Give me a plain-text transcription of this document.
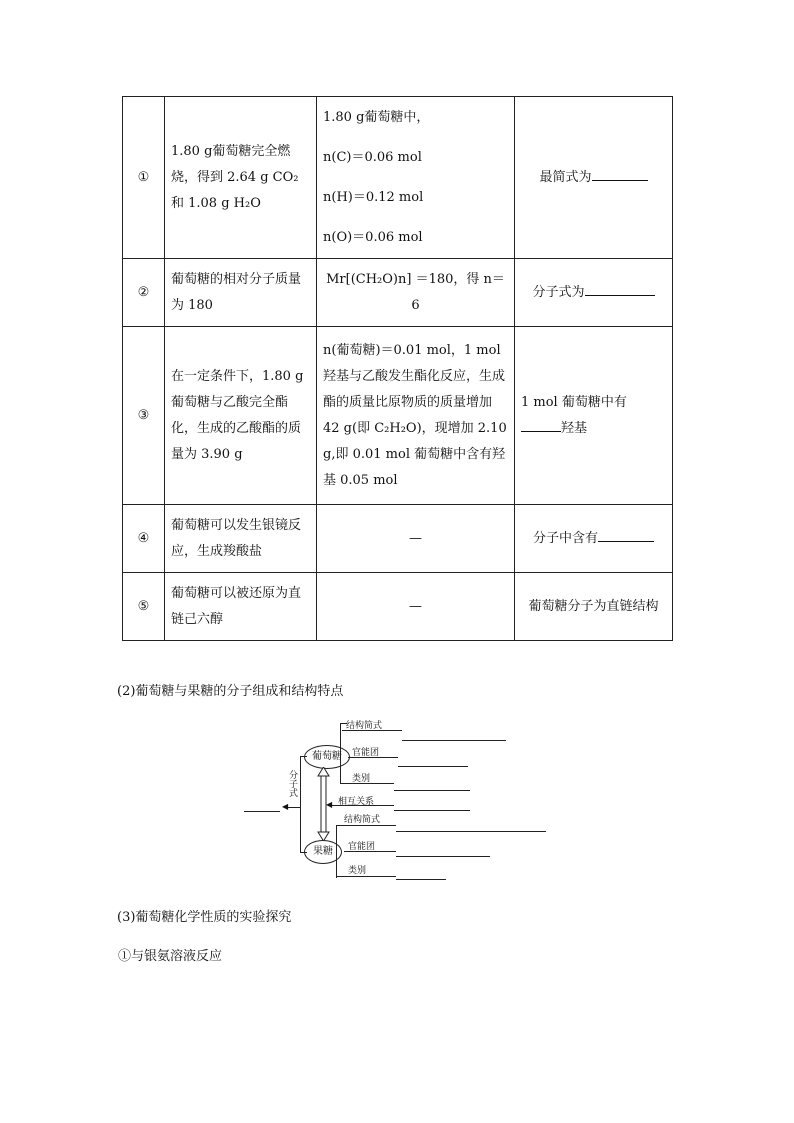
①	1.80 g葡萄糖完全燃烧，得到 2.64 g CO₂和 1.08 g H₂O	1.80 g葡萄糖中，
n(C)＝0.06 mol
n(H)＝0.12 mol
n(O)＝0.06 mol	最简式为
②	葡萄糖的相对分子质量为 180	Mr[(CH₂O)n] ＝180，得 n＝6	分子式为
③	在一定条件下，1.80 g 葡萄糖与乙酸完全酯化，生成的乙酸酯的质量为 3.90 g	n(葡萄糖)＝0.01 mol，1 mol 羟基与乙酸发生酯化反应，生成酯的质量比原物质的质量增加 42 g(即 C₂H₂O)，现增加 2.10 g,即 0.01 mol 葡萄糖中含有羟基 0.05 mol	1 mol 葡萄糖中有
羟基

④	葡萄糖可以发生银镜反应，生成羧酸盐	—	分子中含有
⑤	葡萄糖可以被还原为直链己六醇	—	葡萄糖分子为直链结构
(2)葡萄糖与果糖的分子组成和结构特点
◀
分子式
葡萄糖
果糖
结构简式
官能团
类别
相互关系
◀
结构简式
官能团
类别
(3)葡萄糖化学性质的实验探究
①与银氨溶液反应
